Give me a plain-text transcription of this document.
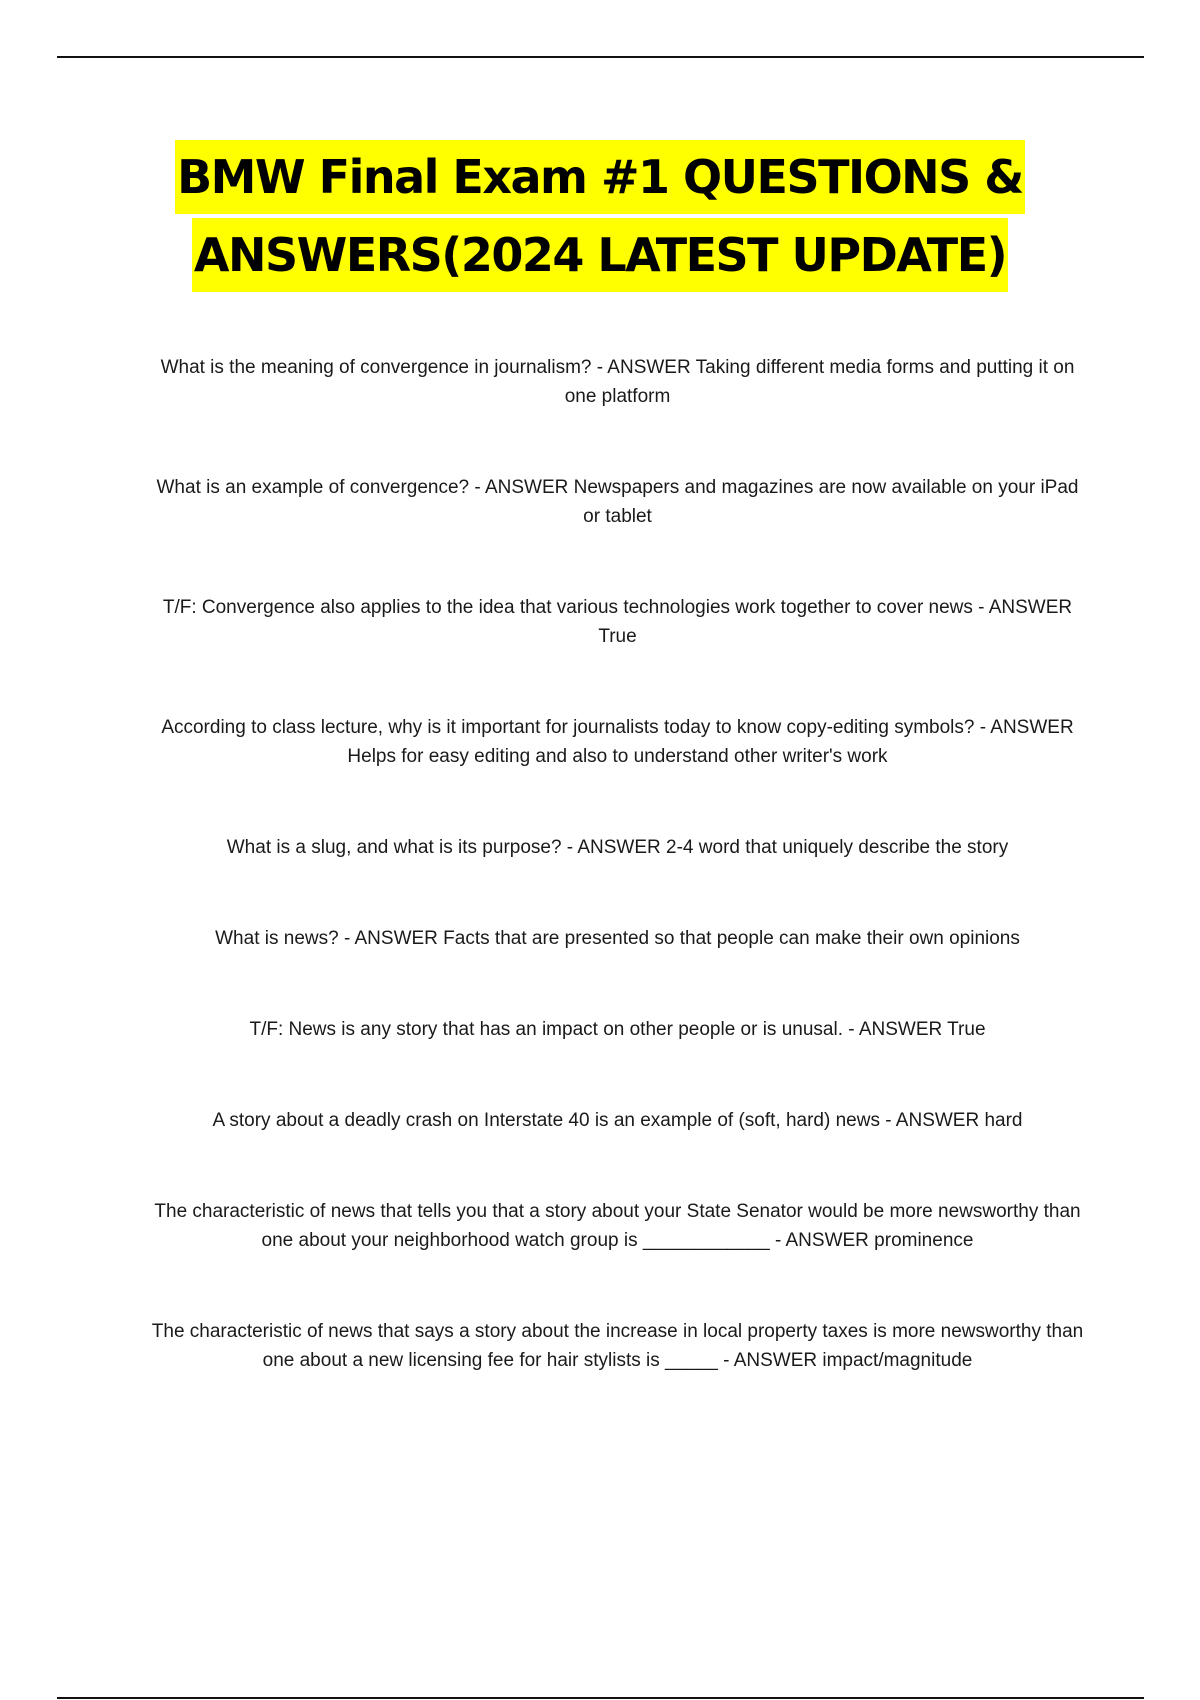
BMW Final Exam #1 QUESTIONS &
ANSWERS(2024 LATEST UPDATE)
What is the meaning of convergence in journalism? - ANSWER Taking different media forms and putting it on one platform
What is an example of convergence? - ANSWER Newspapers and magazines are now available on your iPad or tablet
T/F: Convergence also applies to the idea that various technologies work together to cover news - ANSWER True
According to class lecture, why is it important for journalists today to know copy-editing symbols? - ANSWER Helps for easy editing and also to understand other writer's work
What is a slug, and what is its purpose? - ANSWER 2-4 word that uniquely describe the story
What is news? - ANSWER Facts that are presented so that people can make their own opinions
T/F: News is any story that has an impact on other people or is unusal. - ANSWER True
A story about a deadly crash on Interstate 40 is an example of (soft, hard) news - ANSWER hard
The characteristic of news that tells you that a story about your State Senator would be more newsworthy than one about your neighborhood watch group is ____________ - ANSWER prominence
The characteristic of news that says a story about the increase in local property taxes is more newsworthy than one about a new licensing fee for hair stylists is _____ - ANSWER impact/magnitude
